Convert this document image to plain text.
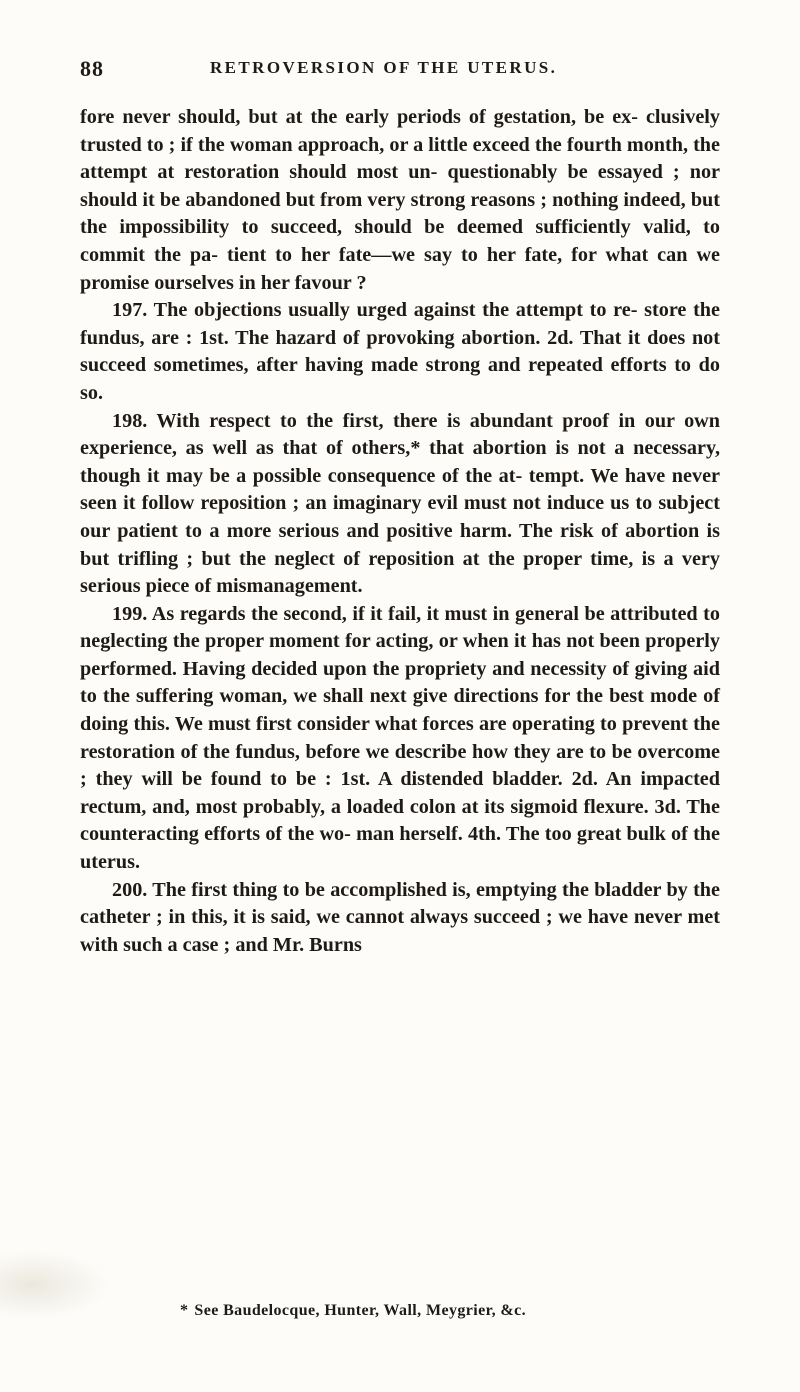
88	RETROVERSION OF THE UTERUS.

fore never should, but at the early periods of gestation, be ex- clusively trusted to ; if the woman approach, or a little exceed the fourth month, the attempt at restoration should most un- questionably be essayed ; nor should it be abandoned but from very strong reasons ; nothing indeed, but the impossibility to succeed, should be deemed sufficiently valid, to commit the pa- tient to her fate—we say to her fate, for what can we promise ourselves in her favour ?

197. The objections usually urged against the attempt to re- store the fundus, are : 1st. The hazard of provoking abortion. 2d. That it does not succeed sometimes, after having made strong and repeated efforts to do so.

198. With respect to the first, there is abundant proof in our own experience, as well as that of others,* that abortion is not a necessary, though it may be a possible consequence of the at- tempt. We have never seen it follow reposition ; an imaginary evil must not induce us to subject our patient to a more serious and positive harm. The risk of abortion is but trifling ; but the neglect of reposition at the proper time, is a very serious piece of mismanagement.

199. As regards the second, if it fail, it must in general be attributed to neglecting the proper moment for acting, or when it has not been properly performed. Having decided upon the propriety and necessity of giving aid to the suffering woman, we shall next give directions for the best mode of doing this. We must first consider what forces are operating to prevent the restoration of the fundus, before we describe how they are to be overcome ; they will be found to be : 1st. A distended bladder. 2d. An impacted rectum, and, most probably, a loaded colon at its sigmoid flexure. 3d. The counteracting efforts of the wo- man herself. 4th. The too great bulk of the uterus.

200. The first thing to be accomplished is, emptying the bladder by the catheter ; in this, it is said, we cannot always succeed ; we have never met with such a case ; and Mr. Burns

* See Baudelocque, Hunter, Wall, Meygrier, &c.
